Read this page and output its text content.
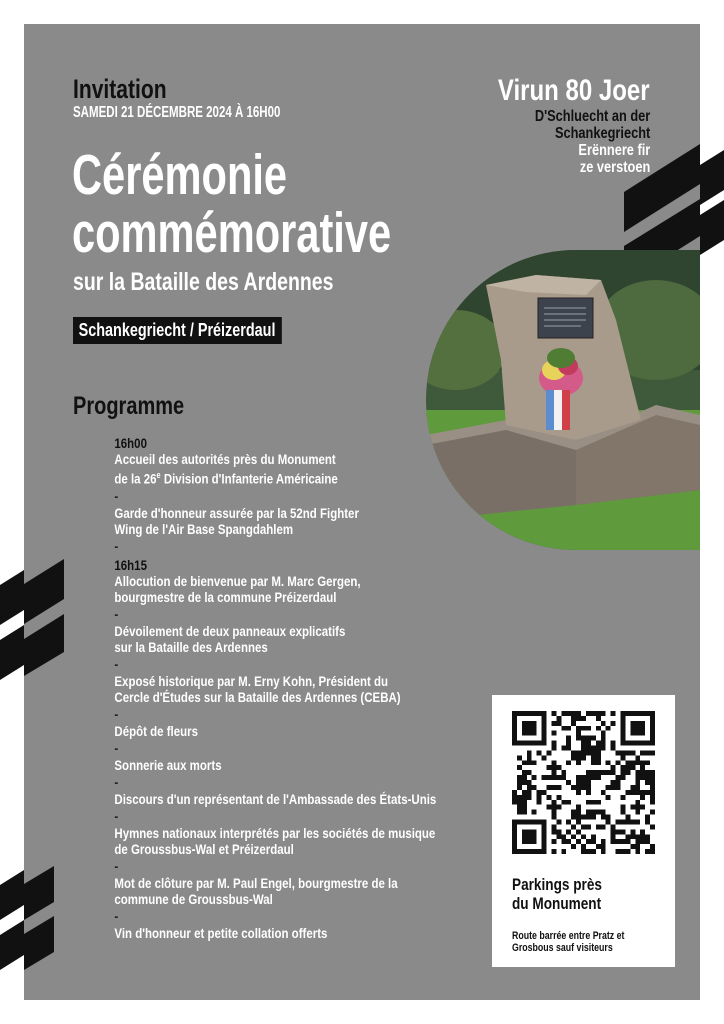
Invitation
SAMEDI 21 DÉCEMBRE 2024 À 16H00
Cérémonie
commémorative
sur la Bataille des Ardennes
Schankegriecht / Préizerdaul
Virun 80 Joer
D'Schluecht an der
Schankegriecht
Erënnere fir
ze verstoen
Programme
16h00
Accueil des autorités près du Monument
de la 26e Division d'Infanterie Américaine
-
Garde d'honneur assurée par la 52nd Fighter
Wing de l'Air Base Spangdahlem
-
16h15
Allocution de bienvenue par M. Marc Gergen,
bourgmestre de la commune Préizerdaul
-
Dévoilement de deux panneaux explicatifs
sur la Bataille des Ardennes
-
Exposé historique par M. Erny Kohn, Président du
Cercle d'Études sur la Bataille des Ardennes (CEBA)
-
Dépôt de fleurs
-
Sonnerie aux morts
-
Discours d'un représentant de l'Ambassade des États-Unis
-
Hymnes nationaux interprétés par les sociétés de musique
de Groussbus-Wal et Préizerdaul
-
Mot de clôture par M. Paul Engel, bourgmestre de la
commune de Groussbus-Wal
-
Vin d'honneur et petite collation offerts
Parkings près
du Monument
Route barrée entre Pratz et
Grosbous sauf visiteurs
